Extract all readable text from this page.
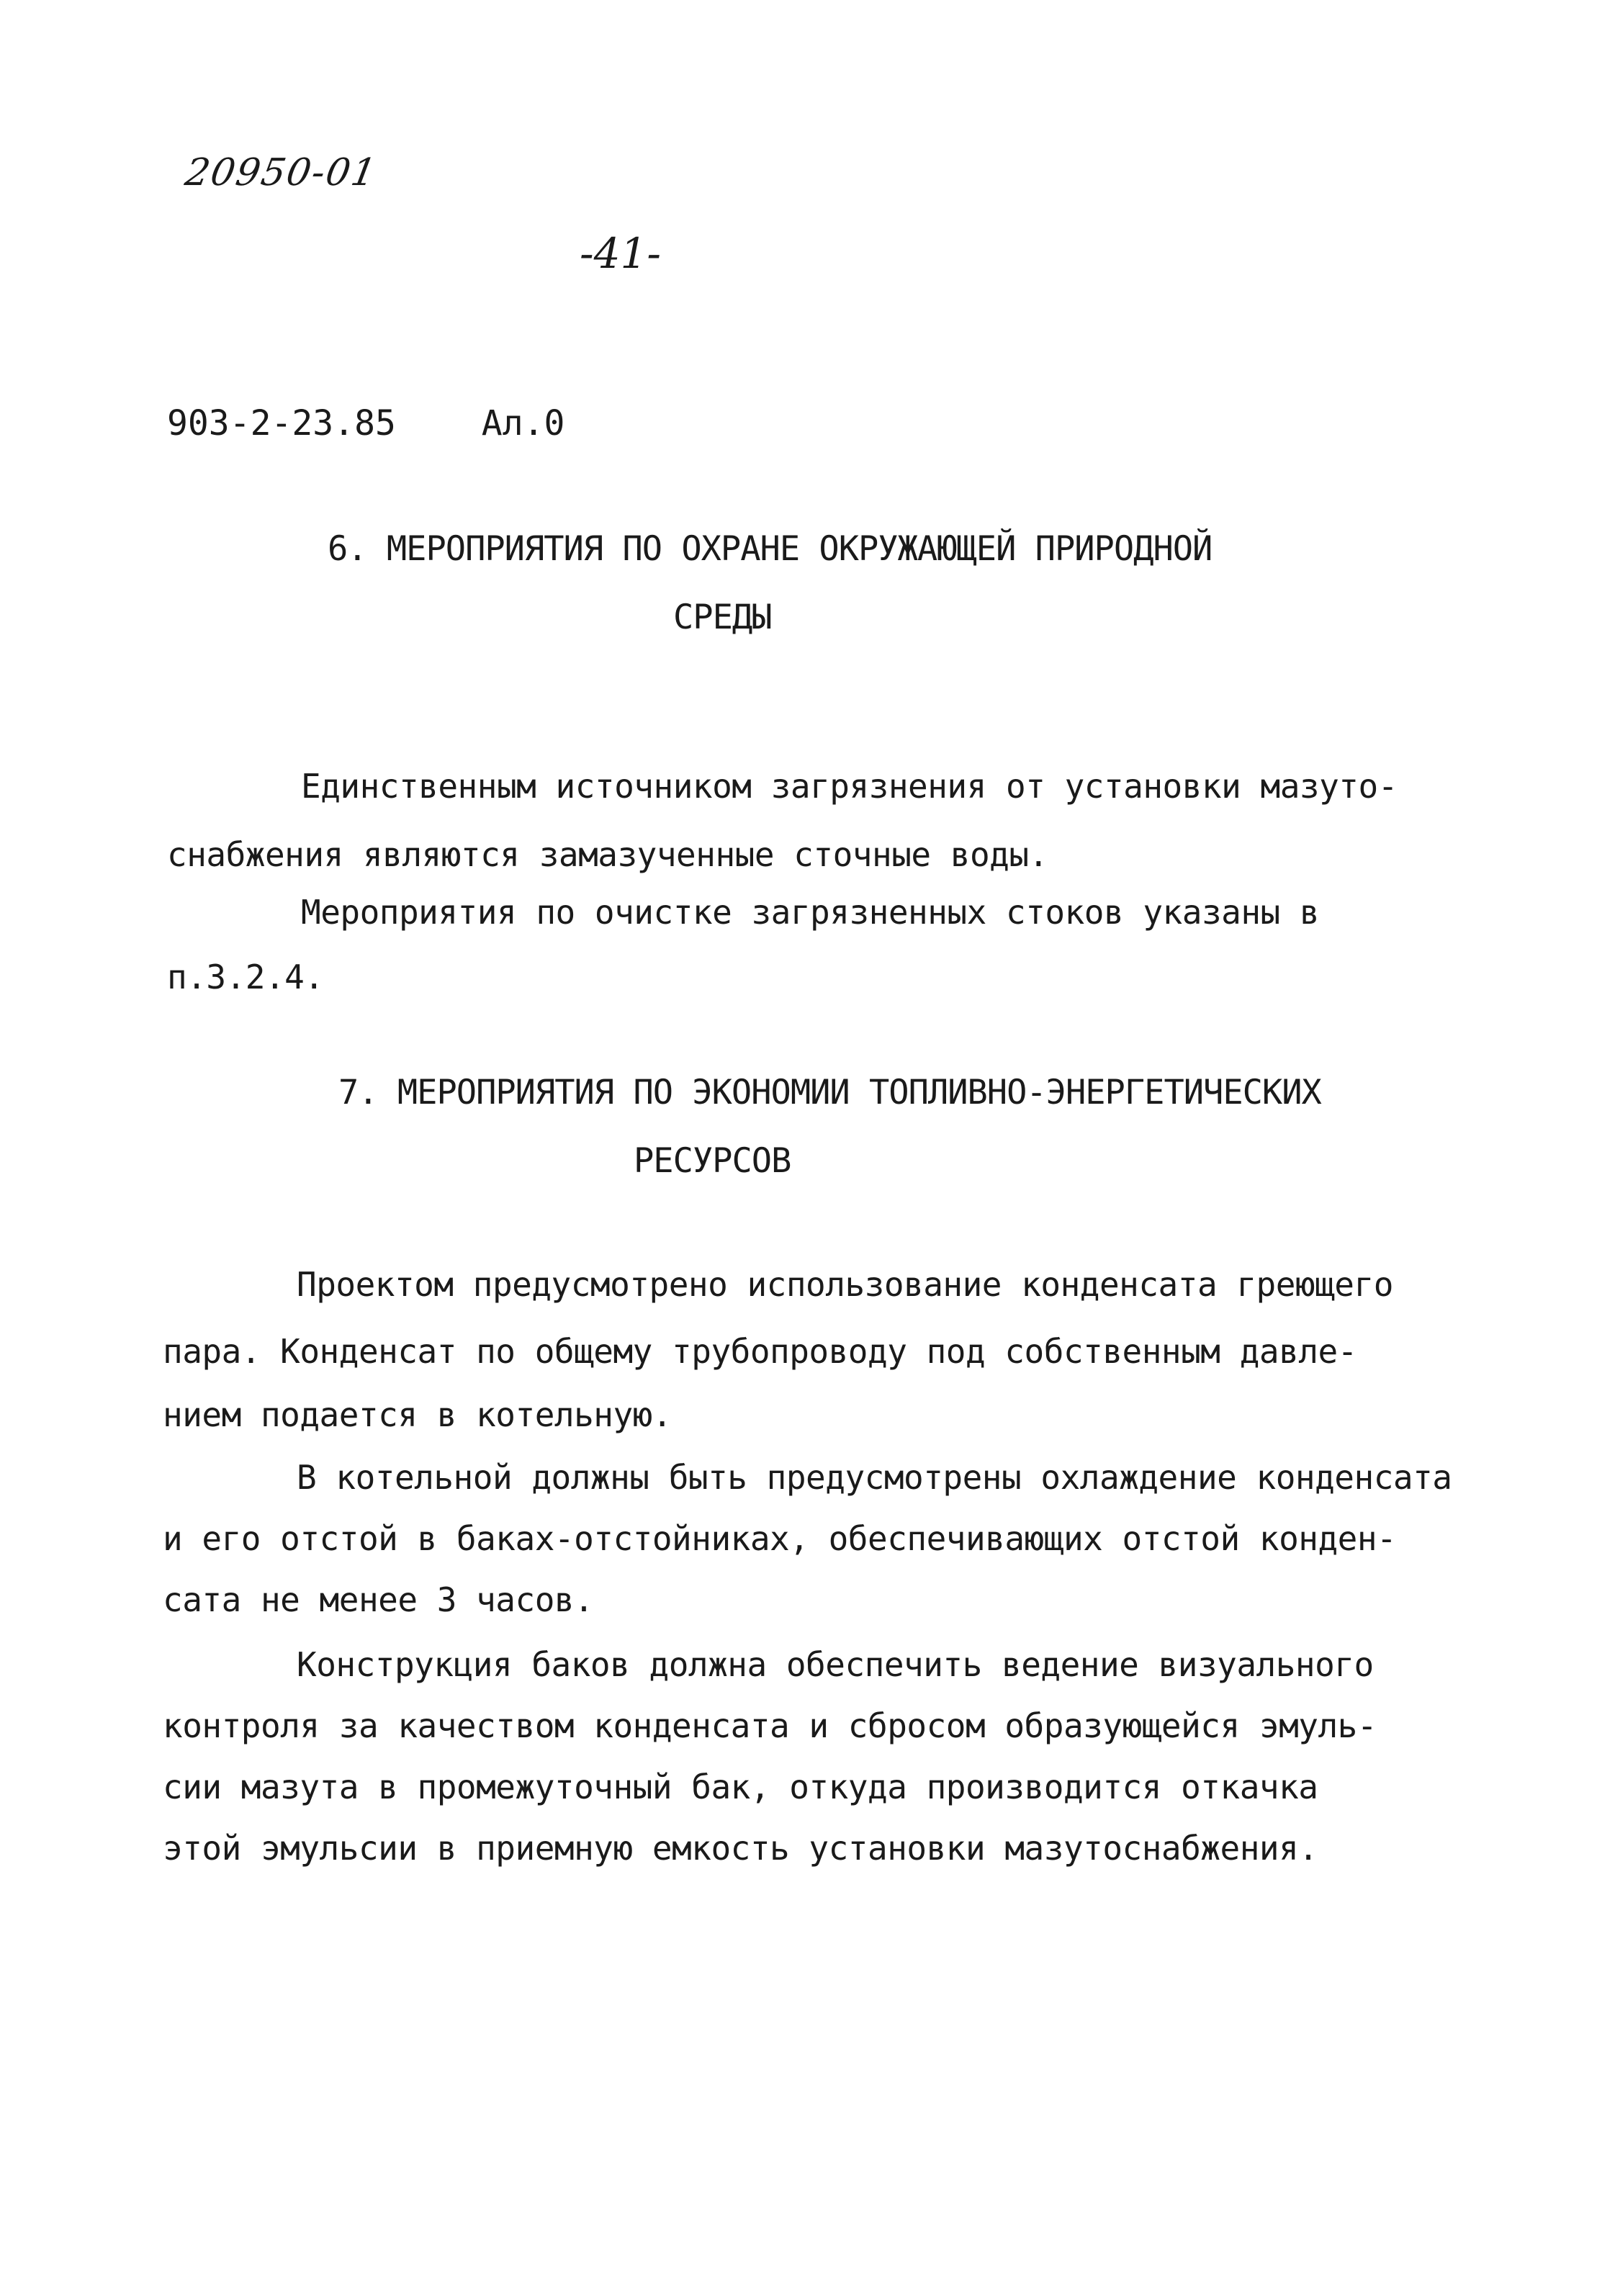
20950-01
-41-
903-2-23.85 Ал.0
6. МЕРОПРИЯТИЯ ПО ОХРАНЕ ОКРУЖАЮЩЕЙ ПРИРОДНОЙ
СРЕДЫ
Единственным источником загрязнения от установки мазуто-
снабжения являются замазученные сточные воды.
Мероприятия по очистке загрязненных стоков указаны в
п.3.2.4.
7. МЕРОПРИЯТИЯ ПО ЭКОНОМИИ ТОПЛИВНО-ЭНЕРГЕТИЧЕСКИХ
РЕСУРСОВ
Проектом предусмотрено использование конденсата греющего
пара. Конденсат по общему трубопроводу под собственным давле-
нием подается в котельную.
В котельной должны быть предусмотрены охлаждение конденсата
и его отстой в баках-отстойниках, обеспечивающих отстой конден-
сата не менее 3 часов.
Конструкция баков должна обеспечить ведение визуального
контроля за качеством конденсата и сбросом образующейся эмуль-
сии мазута в промежуточный бак, откуда производится откачка
этой эмульсии в приемную емкость установки мазутоснабжения.
